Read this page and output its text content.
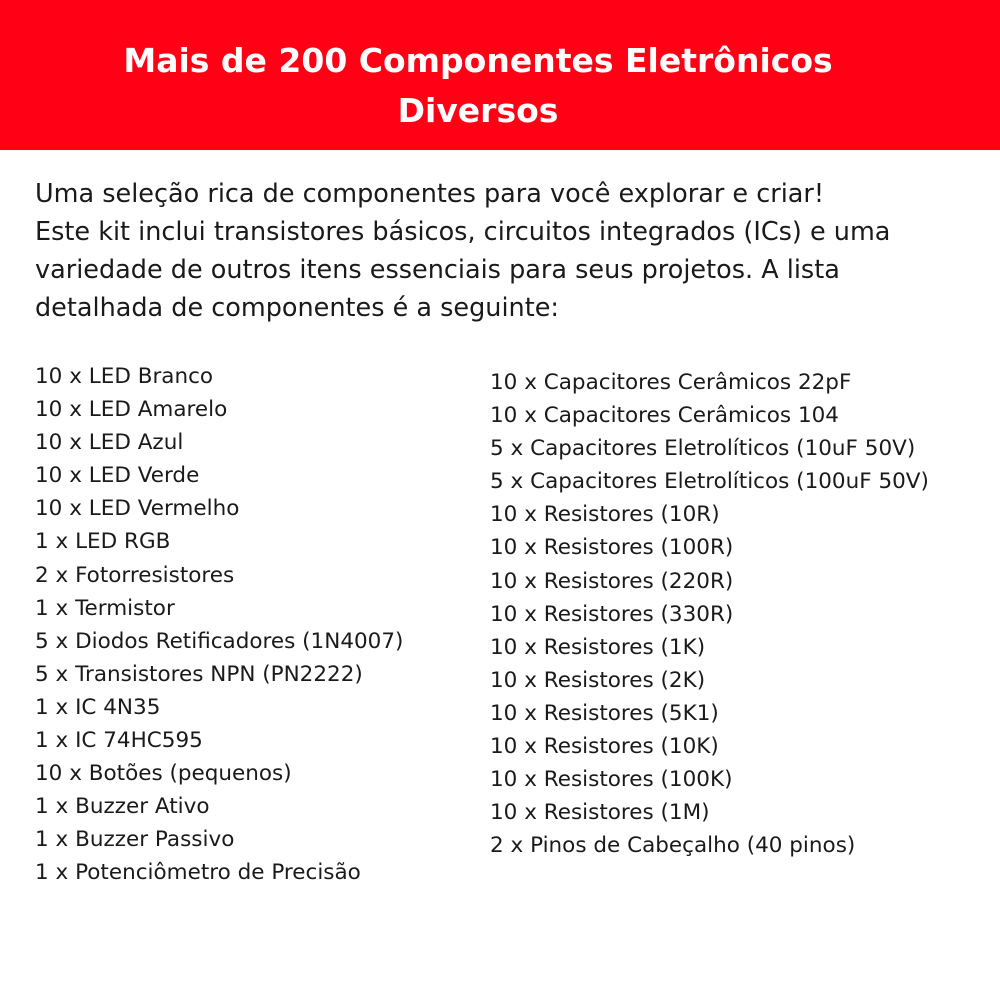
Mais de 200 Componentes Eletrônicos
Diversos

Uma seleção rica de componentes para você explorar e criar!
Este kit inclui transistores básicos, circuitos integrados (ICs) e uma
variedade de outros itens essenciais para seus projetos. A lista
detalhada de componentes é a seguinte:

10 x LED Branco
10 x LED Amarelo
10 x LED Azul
10 x LED Verde
10 x LED Vermelho
1 x LED RGB
2 x Fotorresistores
1 x Termistor
5 x Diodos Retificadores (1N4007)
5 x Transistores NPN (PN2222)
1 x IC 4N35
1 x IC 74HC595
10 x Botões (pequenos)
1 x Buzzer Ativo
1 x Buzzer Passivo
1 x Potenciômetro de Precisão
10 x Capacitores Cerâmicos 22pF
10 x Capacitores Cerâmicos 104
5 x Capacitores Eletrolíticos (10uF 50V)
5 x Capacitores Eletrolíticos (100uF 50V)
10 x Resistores (10R)
10 x Resistores (100R)
10 x Resistores (220R)
10 x Resistores (330R)
10 x Resistores (1K)
10 x Resistores (2K)
10 x Resistores (5K1)
10 x Resistores (10K)
10 x Resistores (100K)
10 x Resistores (1M)
2 x Pinos de Cabeçalho (40 pinos)
